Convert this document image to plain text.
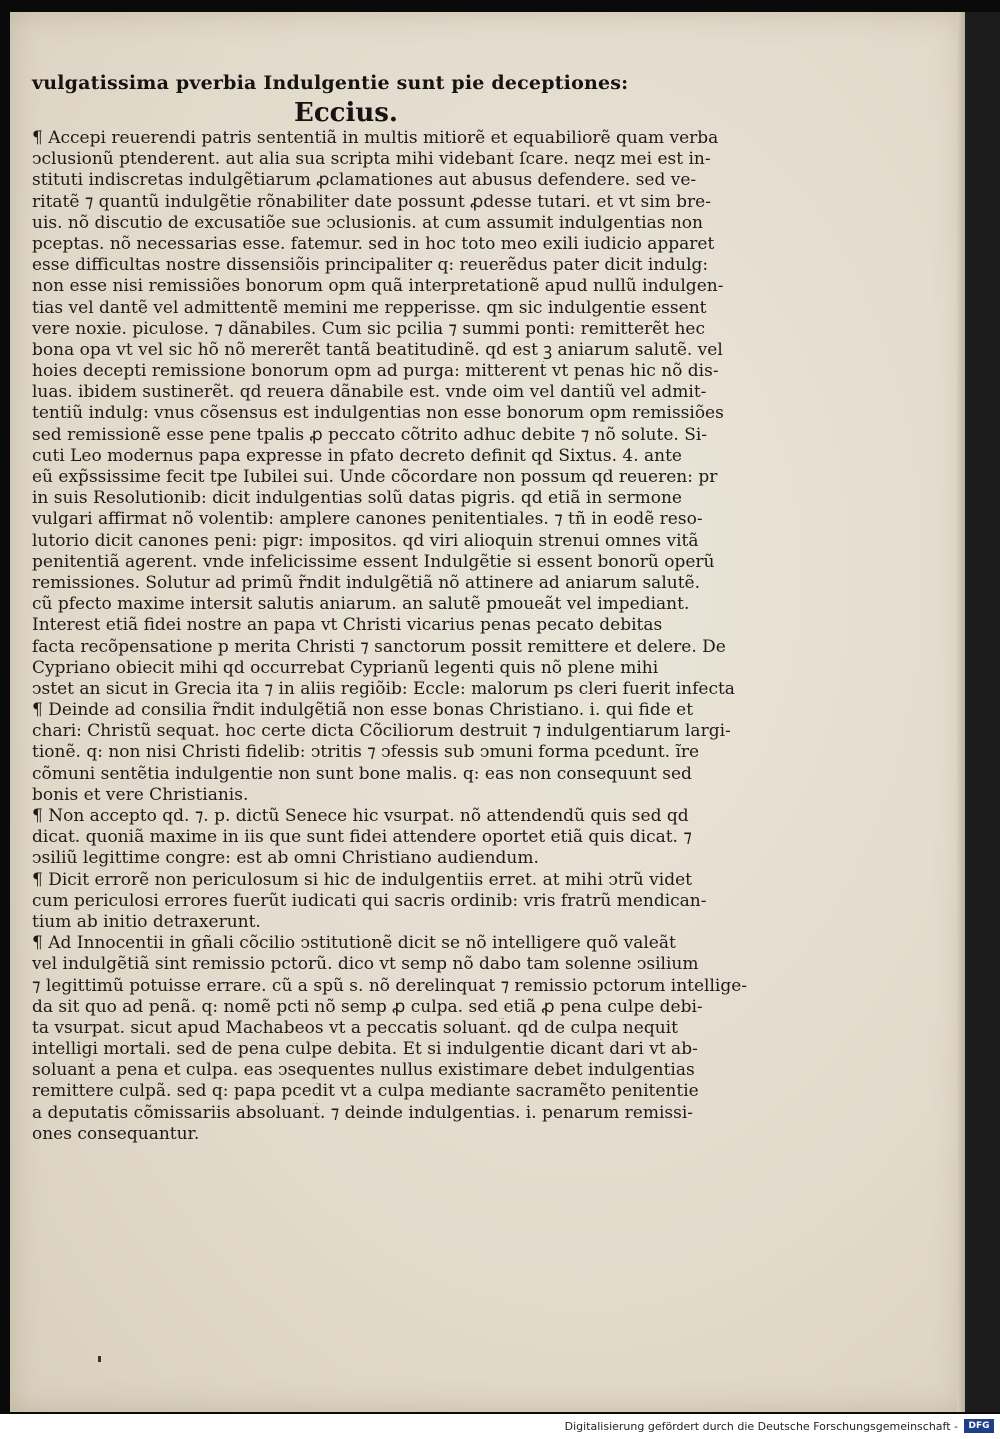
vulgatissima pverbia Indulgentie sunt pie deceptiones:
Eccius.
¶ Accepi reuerendi patris sententiã in multis mitiorẽ et equabiliorẽ quam verba
ↄclusionũ ptenderent. aut alia sua scripta mihi videbant̃ ſcare. neqz mei est in-
stituti indiscretas indulgẽtiarum ꝓclamationes aut abusus defendere. sed ve-
ritatẽ ⁊ quantũ indulgẽtie rõnabiliter date possunt ꝓdesse tutari. et vt sim bre-
uis. nõ discutio de excusatiõe sue ↄclusionis. at cum assumit indulgentias non
pceptas. nõ necessarias esse. fatemur. sed in hoc toto meo exili iudicio apparet
esse difficultas nostre dissensiõis principaliter q: reuerẽdus pater dicit indulg:
non esse nisi remissiões bonorum opm quã interpretationẽ apud nullũ indulgen-
tias vel dantẽ vel admittentẽ memini me repperisse. qm sic indulgentie essent
vere noxie. piculose. ⁊ dãnabiles. Cum sic pcilia ⁊ summi ponti: remitterẽt hec
bona opa vt vel sic hõ nõ mererẽt tantã beatitudinẽ. qd est ꝫ aniarum salutẽ. vel
hoies decepti remissione bonorum opm ad purga: mitterent̃ vt penas hic nõ dis-
luas. ibidem sustinerẽt. qd reuera dãnabile est. vnde oim vel dantiũ vel admit-
tentiũ indulg: vnus cõsensus est indulgentias non esse bonorum opm remissiões
sed remissionẽ esse pene tpalis ꝓ peccato cõtrito adhuc debite ⁊ nõ solute. Si-
cuti Leo modernus papa expresse in pfato decreto definit qd Sixtus. 4. ante
eũ exp̃ssissime fecit tpe Iubilei sui. Unde cõcordare non possum qd reueren: pr
in suis Resolutionib: dicit indulgentias solũ datas pigris. qd etiã in sermone
vulgari affirmat nõ volentib: amplere canones penitentiales. ⁊ tñ in eodẽ reso-
lutorio dicit canones peni: pigr: impositos. qd viri alioquin strenui omnes vitã
penitentiã agerent. vnde infelicissime essent Indulgẽtie si essent bonorũ operũ
remissiones. Solutur ad primũ r̃ndit indulgẽtiã nõ attinere ad aniarum salutẽ.
cũ pfecto maxime intersit salutis aniarum. an salutẽ pmoueãt vel impediant.
Interest etiã fidei nostre an papa vt Christi vicarius penas pecato debitas
facta recõpensatione p merita Christi ⁊ sanctorum possit remittere et delere. De
Cypriano obiecit mihi qd occurrebat Cyprianũ legenti quis nõ plene mihi
ↄstet an sicut in Grecia ita ⁊ in aliis regiõib: Eccle: malorum ps cleri fuerit infecta
¶ Deinde ad consilia r̃ndit indulgẽtiã non esse bonas Christiano. i. qui fide et
chari: Christũ sequat. hoc certe dicta Cõciliorum destruit ⁊ indulgentiarum largi-
tionẽ. q: non nisi Christi fidelib: ↄtritis ⁊ ↄfessis sub ↄmuni forma pcedunt. ĩre
cõmuni sentẽtia indulgentie non sunt bone malis. q: eas non consequunt sed
bonis et vere Christianis.
¶ Non accepto qd. ⁊. p. dictũ Senece hic vsurpat. nõ attendendũ quis sed qd
dicat. quoniã maxime in iis que sunt fidei attendere oportet etiã quis dicat. ⁊
ↄsiliũ legittime congre: est ab omni Christiano audiendum.
¶ Dicit errorẽ non periculosum si hic de indulgentiis erret. at mihi ↄtrũ videt
cum periculosi errores fuerũt iudicati qui sacris ordinib: vris fratrũ mendican-
tium ab initio detraxerunt.
¶ Ad Innocentii in gñali cõcilio ↄstitutionẽ dicit se nõ intelligere quõ valeãt
vel indulgẽtiã sint remissio pctorũ. dico vt semp nõ dabo tam solenne ↄsilium
⁊ legittimũ potuisse errare. cũ a spũ s. nõ derelinquat ⁊ remissio pctorum intellige-
da sit quo ad penã. q: nomẽ pcti nõ semp ꝓ culpa. sed etiã ꝓ pena culpe debi-
ta vsurpat. sicut apud Machabeos vt a peccatis soluant̃. qd de culpa nequit
intelligi mortali. sed de pena culpe debita. Et si indulgentie dicant̃ dari vt ab-
soluant̃ a pena et culpa. eas ↄsequentes nullus existimare debet indulgentias
remittere culpã. sed q: papa pcedit vt a culpa mediante sacramẽto penitentie
a deputatis cõmissariis absoluant̃. ⁊ deinde indulgentias. i. penarum remissi-
ones consequantur.
Digitalisierung gefördert durch die Deutsche Forschungsgemeinschaft -	DFG
